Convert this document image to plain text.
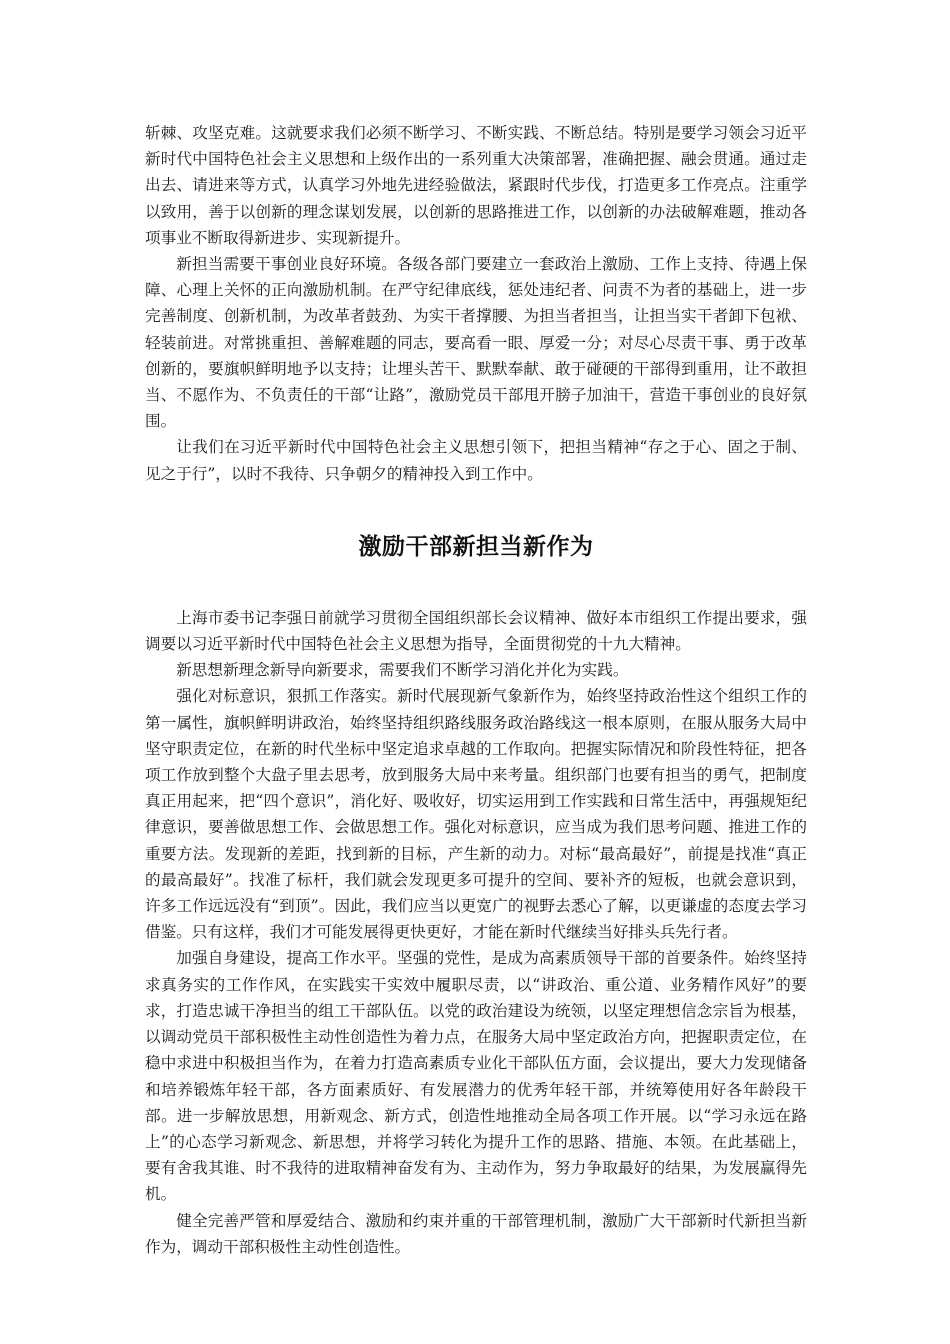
斩棘、攻坚克难。这就要求我们必须不断学习、不断实践、不断总结。特别是要学习领会习近平新时代中国特色社会主义思想和上级作出的一系列重大决策部署，准确把握、融会贯通。通过走出去、请进来等方式，认真学习外地先进经验做法，紧跟时代步伐，打造更多工作亮点。注重学以致用，善于以创新的理念谋划发展，以创新的思路推进工作，以创新的办法破解难题，推动各项事业不断取得新进步、实现新提升。

新担当需要干事创业良好环境。各级各部门要建立一套政治上激励、工作上支持、待遇上保障、心理上关怀的正向激励机制。在严守纪律底线，惩处违纪者、问责不为者的基础上，进一步完善制度、创新机制，为改革者鼓劲、为实干者撑腰、为担当者担当，让担当实干者卸下包袱、轻装前进。对常挑重担、善解难题的同志，要高看一眼、厚爱一分；对尽心尽责干事、勇于改革创新的，要旗帜鲜明地予以支持；让埋头苦干、默默奉献、敢于碰硬的干部得到重用，让不敢担当、不愿作为、不负责任的干部“让路”，激励党员干部甩开膀子加油干，营造干事创业的良好氛围。

让我们在习近平新时代中国特色社会主义思想引领下，把担当精神“存之于心、固之于制、见之于行”，以时不我待、只争朝夕的精神投入到工作中。

激励干部新担当新作为

上海市委书记李强日前就学习贯彻全国组织部长会议精神、做好本市组织工作提出要求，强调要以习近平新时代中国特色社会主义思想为指导，全面贯彻党的十九大精神。

新思想新理念新导向新要求，需要我们不断学习消化并化为实践。

强化对标意识，狠抓工作落实。新时代展现新气象新作为，始终坚持政治性这个组织工作的第一属性，旗帜鲜明讲政治，始终坚持组织路线服务政治路线这一根本原则，在服从服务大局中坚守职责定位，在新的时代坐标中坚定追求卓越的工作取向。把握实际情况和阶段性特征，把各项工作放到整个大盘子里去思考，放到服务大局中来考量。组织部门也要有担当的勇气，把制度真正用起来，把“四个意识”，消化好、吸收好，切实运用到工作实践和日常生活中，再强规矩纪律意识，要善做思想工作、会做思想工作。强化对标意识，应当成为我们思考问题、推进工作的重要方法。发现新的差距，找到新的目标，产生新的动力。对标“最高最好”，前提是找准“真正的最高最好”。找准了标杆，我们就会发现更多可提升的空间、要补齐的短板，也就会意识到，许多工作远远没有“到顶”。因此，我们应当以更宽广的视野去悉心了解，以更谦虚的态度去学习借鉴。只有这样，我们才可能发展得更快更好，才能在新时代继续当好排头兵先行者。

加强自身建设，提高工作水平。坚强的党性，是成为高素质领导干部的首要条件。始终坚持求真务实的工作作风，在实践实干实效中履职尽责，以“讲政治、重公道、业务精作风好”的要求，打造忠诚干净担当的组工干部队伍。以党的政治建设为统领，以坚定理想信念宗旨为根基，以调动党员干部积极性主动性创造性为着力点，在服务大局中坚定政治方向，把握职责定位，在稳中求进中积极担当作为，在着力打造高素质专业化干部队伍方面，会议提出，要大力发现储备和培养锻炼年轻干部，各方面素质好、有发展潜力的优秀年轻干部，并统筹使用好各年龄段干部。进一步解放思想，用新观念、新方式，创造性地推动全局各项工作开展。以“学习永远在路上”的心态学习新观念、新思想，并将学习转化为提升工作的思路、措施、本领。在此基础上，要有舍我其谁、时不我待的进取精神奋发有为、主动作为，努力争取最好的结果，为发展赢得先机。

健全完善严管和厚爱结合、激励和约束并重的干部管理机制，激励广大干部新时代新担当新作为，调动干部积极性主动性创造性。
